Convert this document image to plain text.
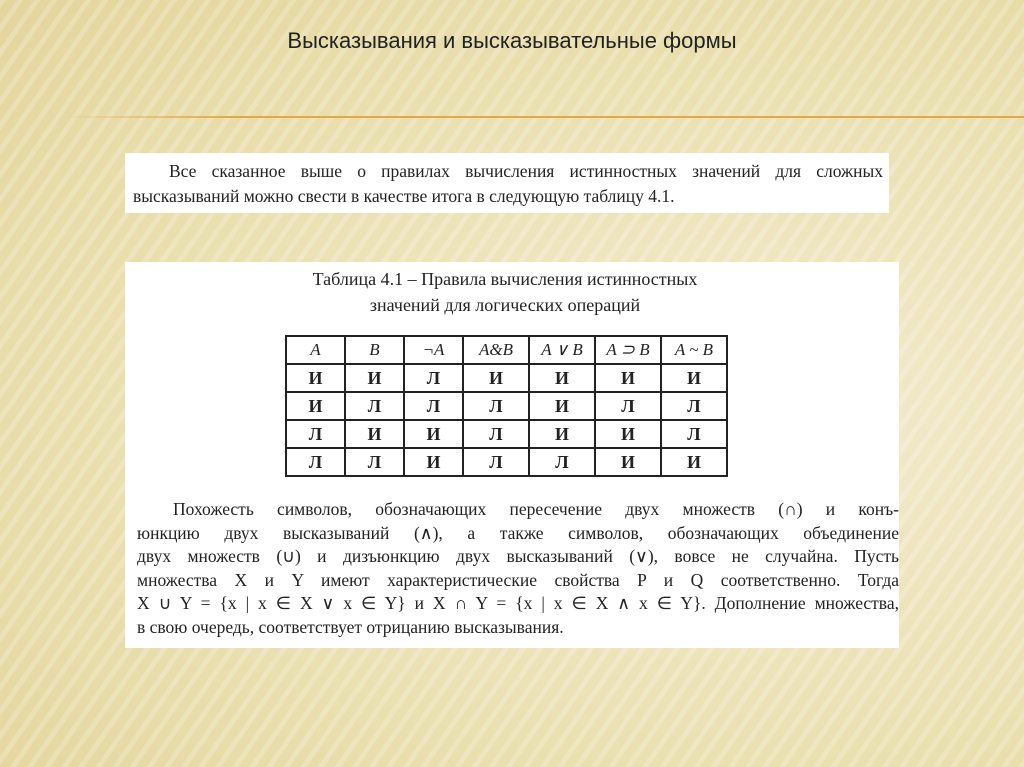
Высказывания и высказывательные формы

Все сказанное выше о правилах вычисления истинностных значений для сложных высказываний можно свести в качестве итога в следующую таблицу 4.1.

Таблица 4.1 – Правила вычисления истинностных
значений для логических операций
A	B	¬A	A&B	A ∨ B	A ⊃ B	A ~ B
И	И	Л	И	И	И	И
И	Л	Л	Л	И	Л	Л
Л	И	И	Л	И	И	Л
Л	Л	И	Л	Л	И	И
Похожесть символов, обозначающих пересечение двух множеств (∩) и конъ-
юнкцию двух высказываний (∧), а также символов, обозначающих объединение
двух множеств (∪) и дизъюнкцию двух высказываний (∨), вовсе не случайна. Пусть
множества X и Y имеют характеристические свойства P и Q соответственно. Тогда
X ∪ Y = {x | x ∈ X ∨ x ∈ Y} и X ∩ Y = {x | x ∈ X ∧ x ∈ Y}. Дополнение множества,
в свою очередь, соответствует отрицанию высказывания.
